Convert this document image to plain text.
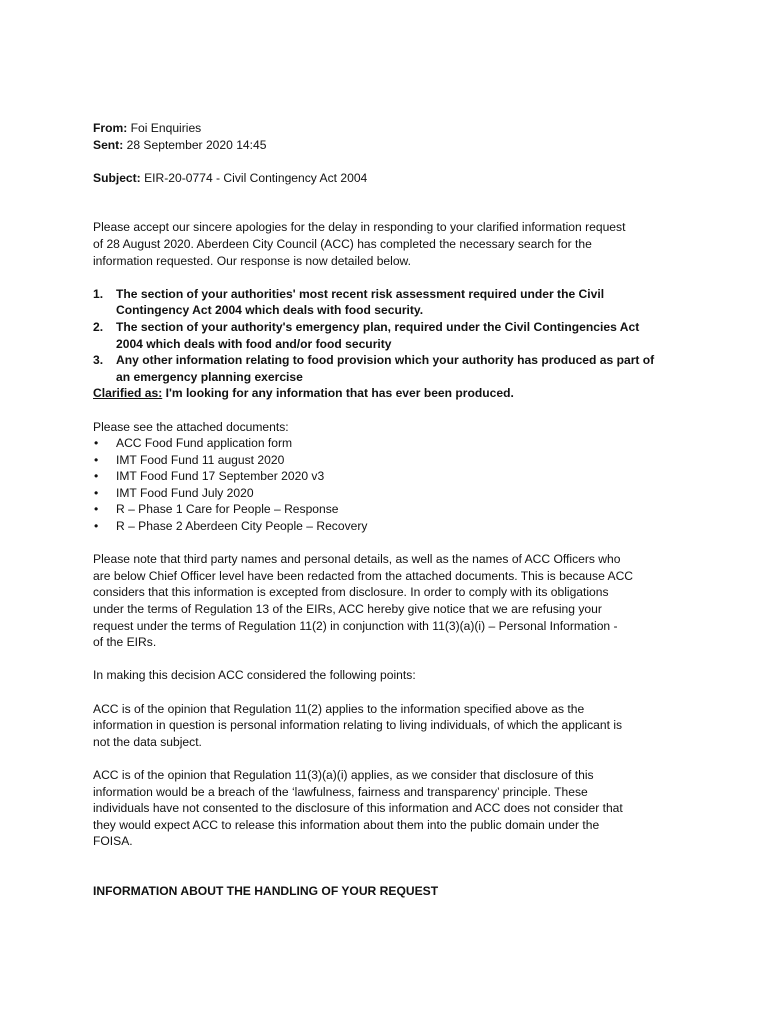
From: Foi Enquiries
Sent: 28 September 2020 14:45
Subject: EIR-20-0774 - Civil Contingency Act 2004
Please accept our sincere apologies for the delay in responding to your clarified information request
of 28 August 2020. Aberdeen City Council (ACC) has completed the necessary search for the
information requested. Our response is now detailed below.
1. The section of your authorities' most recent risk assessment required under the Civil
Contingency Act 2004 which deals with food security.
2. The section of your authority's emergency plan, required under the Civil Contingencies Act
2004 which deals with food and/or food security
3. Any other information relating to food provision which your authority has produced as part of
an emergency planning exercise
Clarified as: I'm looking for any information that has ever been produced.
Please see the attached documents:
• ACC Food Fund application form
• IMT Food Fund 11 august 2020
• IMT Food Fund 17 September 2020 v3
• IMT Food Fund July 2020
• R – Phase 1 Care for People – Response
• R – Phase 2 Aberdeen City People – Recovery
Please note that third party names and personal details, as well as the names of ACC Officers who
are below Chief Officer level have been redacted from the attached documents. This is because ACC
considers that this information is excepted from disclosure. In order to comply with its obligations
under the terms of Regulation 13 of the EIRs, ACC hereby give notice that we are refusing your
request under the terms of Regulation 11(2) in conjunction with 11(3)(a)(i) – Personal Information -
of the EIRs.
In making this decision ACC considered the following points:
ACC is of the opinion that Regulation 11(2) applies to the information specified above as the
information in question is personal information relating to living individuals, of which the applicant is
not the data subject.
ACC is of the opinion that Regulation 11(3)(a)(i) applies, as we consider that disclosure of this
information would be a breach of the ‘lawfulness, fairness and transparency’ principle. These
individuals have not consented to the disclosure of this information and ACC does not consider that
they would expect ACC to release this information about them into the public domain under the
FOISA.
INFORMATION ABOUT THE HANDLING OF YOUR REQUEST
